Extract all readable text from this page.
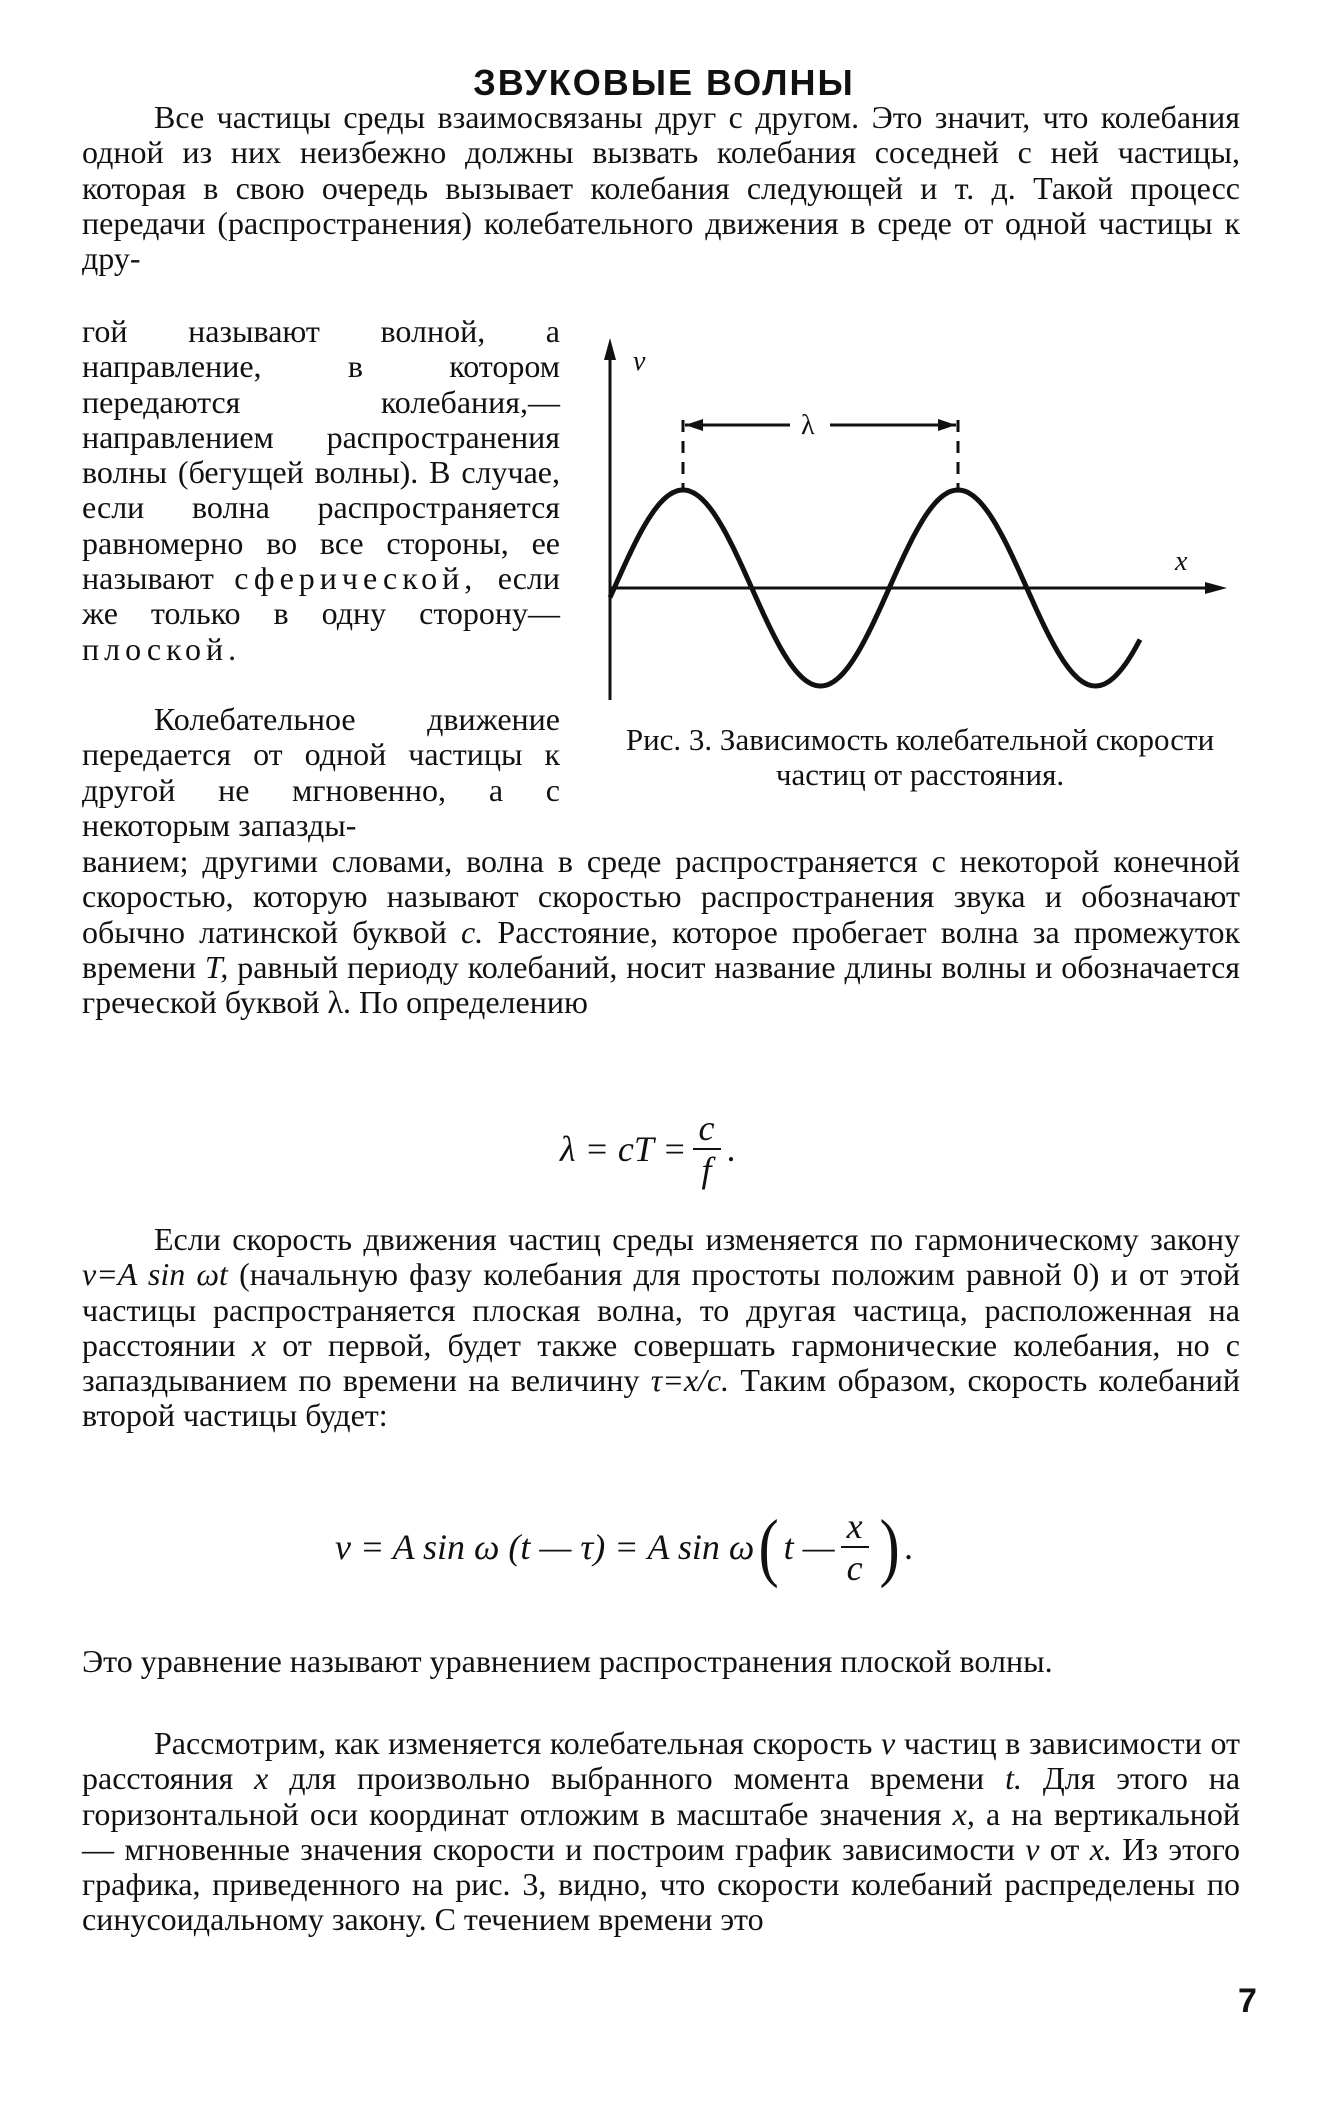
ЗВУКОВЫЕ ВОЛНЫ

Все частицы среды взаимосвязаны друг с другом. Это значит, что колебания одной из них неизбежно должны вызвать колебания соседней с ней частицы, которая в свою очередь вызывает колебания следующей и т. д. Такой процесс передачи (распространения) колебательного движения в среде от одной частицы к дру-

гой называют волной, а направление, в котором передаются колебания,—направлением распространения волны (бегущей волны). В случае, если волна распространяется равномерно во все стороны, ее называют сферической, если же только в одну сторону— плоской.

Колебательное движение передается от одной частицы к другой не мгновенно, а с некоторым запазды-

v
x
λ
Рис. 3. Зависимость колебательной скорости частиц от расстояния.

ванием; другими словами, волна в среде распространяется с некоторой конечной скоростью, которую называют скоростью распространения звука и обозначают обычно латинской буквой c. Расстояние, которое пробегает волна за промежуток времени T, равный периоду колебаний, носит название длины волны и обозначается греческой буквой λ. По определению

λ = cT = $\frac{c}{f}$ .

Если скорость движения частиц среды изменяется по гармоническому закону v=A sin ωt (начальную фазу колебания для простоты положим равной 0) и от этой частицы распространяется плоская волна, то другая частица, расположенная на расстоянии x от первой, будет также совершать гармонические колебания, но с запаздыванием по времени на величину τ=x/c. Таким образом, скорость колебаний второй частицы будет:

v = A sin ω (t — τ) = A sin ω ( t — $\frac{x}{c}$ ) .

Это уравнение называют уравнением распространения плоской волны.

Рассмотрим, как изменяется колебательная скорость v частиц в зависимости от расстояния x для произвольно выбранного момента времени t. Для этого на горизонтальной оси координат отложим в масштабе значения x, а на вертикальной — мгновенные значения скорости и построим график зависимости v от x. Из этого графика, приведенного на рис. 3, видно, что скорости колебаний распределены по синусоидальному закону. С течением времени это

7
